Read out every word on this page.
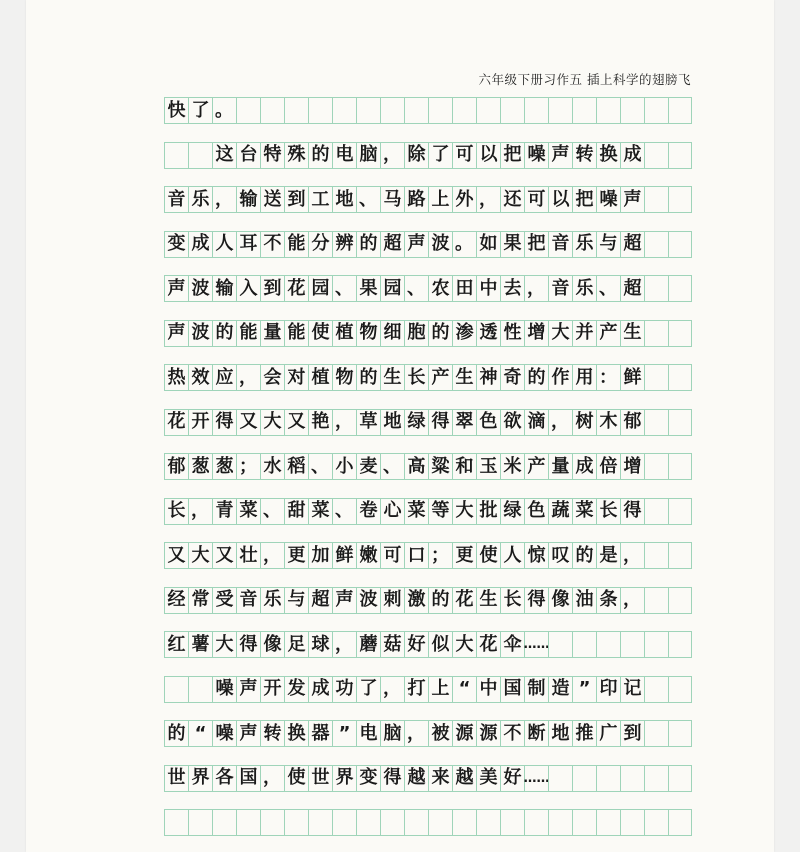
六年级下册习作五 插上科学的翅膀飞
快 了 。
这 台 特 殊 的 电 脑 ， 除 了 可 以 把 噪 声 转 换 成
音 乐 ， 输 送 到 工 地 、 马 路 上 外 ， 还 可 以 把 噪 声
变 成 人 耳 不 能 分 辨 的 超 声 波 。 如 果 把 音 乐 与 超
声 波 输 入 到 花 园 、 果 园 、 农 田 中 去 ， 音 乐 、 超
声 波 的 能 量 能 使 植 物 细 胞 的 渗 透 性 增 大 并 产 生
热 效 应 ， 会 对 植 物 的 生 长 产 生 神 奇 的 作 用 ： 鲜
花 开 得 又 大 又 艳 ， 草 地 绿 得 翠 色 欲 滴 ， 树 木 郁
郁 葱 葱 ； 水 稻 、 小 麦 、 高 粱 和 玉 米 产 量 成 倍 增
长 ， 青 菜 、 甜 菜 、 卷 心 菜 等 大 批 绿 色 蔬 菜 长 得
又 大 又 壮 ， 更 加 鲜 嫩 可 口 ； 更 使 人 惊 叹 的 是 ，
经 常 受 音 乐 与 超 声 波 刺 激 的 花 生 长 得 像 油 条 ，
红 薯 大 得 像 足 球 ， 蘑 菇 好 似 大 花 伞 ……
噪 声 开 发 成 功 了 ， 打 上 “ 中 国 制 造 ” 印 记
的 “ 噪 声 转 换 器 ” 电 脑 ， 被 源 源 不 断 地 推 广 到
世 界 各 国 ， 使 世 界 变 得 越 来 越 美 好 ……
